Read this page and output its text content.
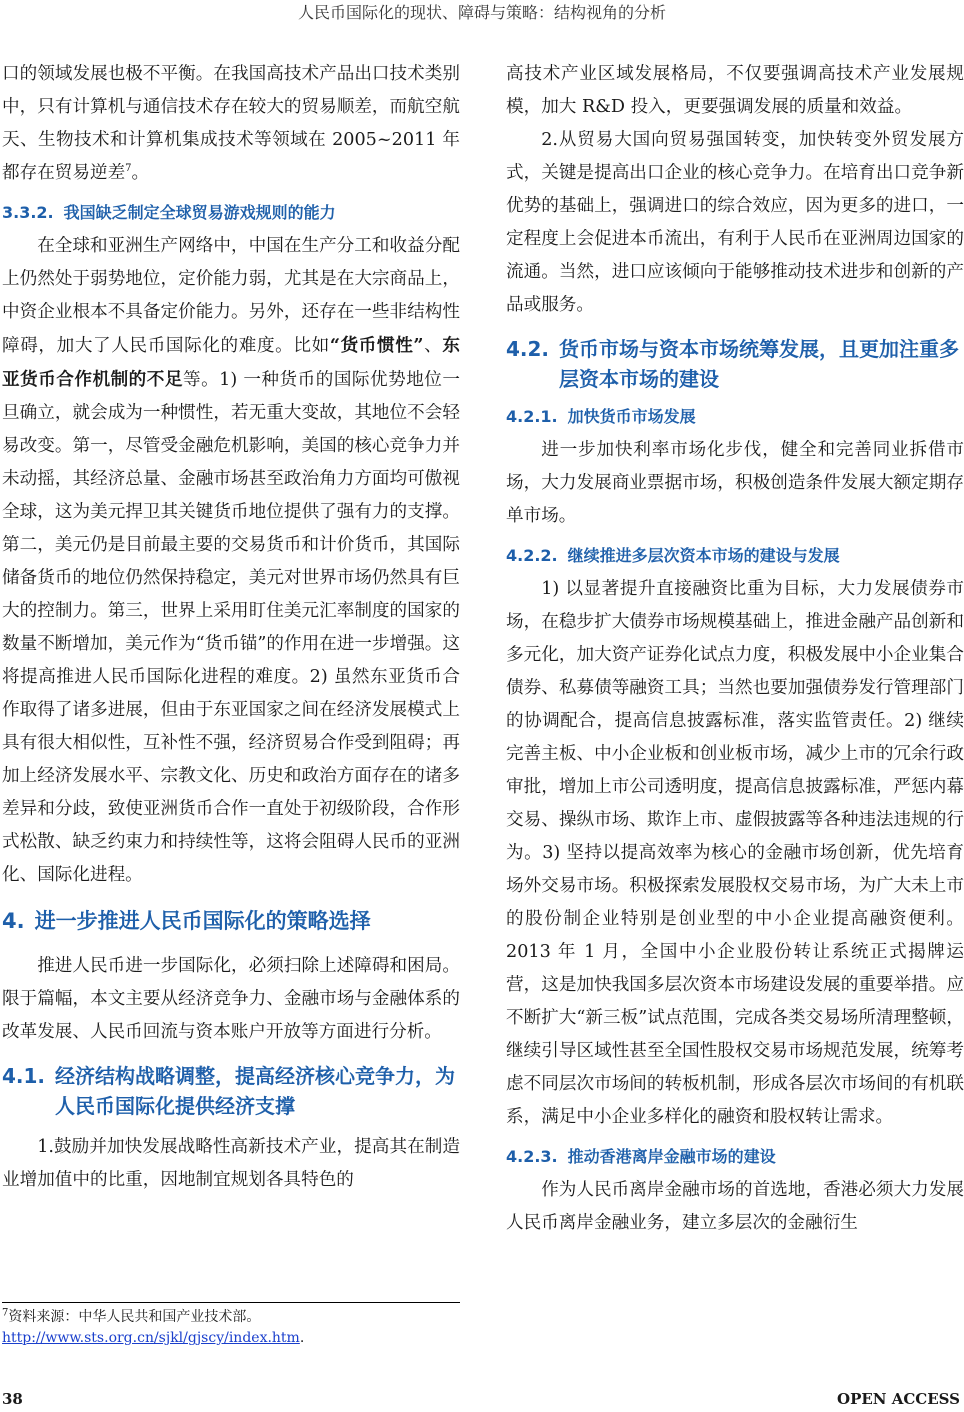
人民币国际化的现状、障碍与策略：结构视角的分析

口的领域发展也极不平衡。在我国高技术产品出口技术类别中，只有计算机与通信技术存在较大的贸易顺差，而航空航天、生物技术和计算机集成技术等领域在 2005~2011 年都存在贸易逆差$^7$。

3.3.2. 我国缺乏制定全球贸易游戏规则的能力

在全球和亚洲生产网络中，中国在生产分工和收益分配上仍然处于弱势地位，定价能力弱，尤其是在大宗商品上，中资企业根本不具备定价能力。另外，还存在一些非结构性障碍，加大了人民币国际化的难度。比如“货币惯性”、东亚货币合作机制的不足等。1) 一种货币的国际优势地位一旦确立，就会成为一种惯性，若无重大变故，其地位不会轻易改变。第一，尽管受金融危机影响，美国的核心竞争力并未动摇，其经济总量、金融市场甚至政治角力方面均可傲视全球，这为美元捍卫其关键货币地位提供了强有力的支撑。第二，美元仍是目前最主要的交易货币和计价货币，其国际储备货币的地位仍然保持稳定，美元对世界市场仍然具有巨大的控制力。第三，世界上采用盯住美元汇率制度的国家的数量不断增加，美元作为“货币锚”的作用在进一步增强。这将提高推进人民币国际化进程的难度。2) 虽然东亚货币合作取得了诸多进展，但由于东亚国家之间在经济发展模式上具有很大相似性，互补性不强，经济贸易合作受到阻碍；再加上经济发展水平、宗教文化、历史和政治方面存在的诸多差异和分歧，致使亚洲货币合作一直处于初级阶段，合作形式松散、缺乏约束力和持续性等，这将会阻碍人民币的亚洲化、国际化进程。

4. 进一步推进人民币国际化的策略选择

推进人民币进一步国际化，必须扫除上述障碍和困局。限于篇幅，本文主要从经济竞争力、金融市场与金融体系的改革发展、人民币回流与资本账户开放等方面进行分析。

4.1. 经济结构战略调整，提高经济核心竞争力，为人民币国际化提供经济支撑

1.鼓励并加快发展战略性高新技术产业，提高其在制造业增加值中的比重，因地制宜规划各具特色的

$^7$资料来源：中华人民共和国产业技术部。
http://www.sts.org.cn/sjkl/gjscy/index.htm.

高技术产业区域发展格局，不仅要强调高技术产业发展规模，加大 R&D 投入，更要强调发展的质量和效益。

2.从贸易大国向贸易强国转变，加快转变外贸发展方式，关键是提高出口企业的核心竞争力。在培育出口竞争新优势的基础上，强调进口的综合效应，因为更多的进口，一定程度上会促进本币流出，有利于人民币在亚洲周边国家的流通。当然，进口应该倾向于能够推动技术进步和创新的产品或服务。

4.2. 货币市场与资本市场统筹发展，且更加注重多层资本市场的建设
4.2.1. 加快货币市场发展

进一步加快利率市场化步伐，健全和完善同业拆借市场，大力发展商业票据市场，积极创造条件发展大额定期存单市场。

4.2.2. 继续推进多层次资本市场的建设与发展

1) 以显著提升直接融资比重为目标，大力发展债券市场，在稳步扩大债券市场规模基础上，推进金融产品创新和多元化，加大资产证券化试点力度，积极发展中小企业集合债券、私募债等融资工具；当然也要加强债券发行管理部门的协调配合，提高信息披露标准，落实监管责任。2) 继续完善主板、中小企业板和创业板市场，减少上市的冗余行政审批，增加上市公司透明度，提高信息披露标准，严惩内幕交易、操纵市场、欺诈上市、虚假披露等各种违法违规的行为。3) 坚持以提高效率为核心的金融市场创新，优先培育场外交易市场。积极探索发展股权交易市场，为广大未上市的股份制企业特别是创业型的中小企业提高融资便利。2013 年 1 月，全国中小企业股份转让系统正式揭牌运营，这是加快我国多层次资本市场建设发展的重要举措。应不断扩大“新三板”试点范围，完成各类交易场所清理整顿，继续引导区域性甚至全国性股权交易市场规范发展，统筹考虑不同层次市场间的转板机制，形成各层次市场间的有机联系，满足中小企业多样化的融资和股权转让需求。

4.2.3. 推动香港离岸金融市场的建设

作为人民币离岸金融市场的首选地，香港必须大力发展人民币离岸金融业务，建立多层次的金融衍生

38	OPEN ACCESS
